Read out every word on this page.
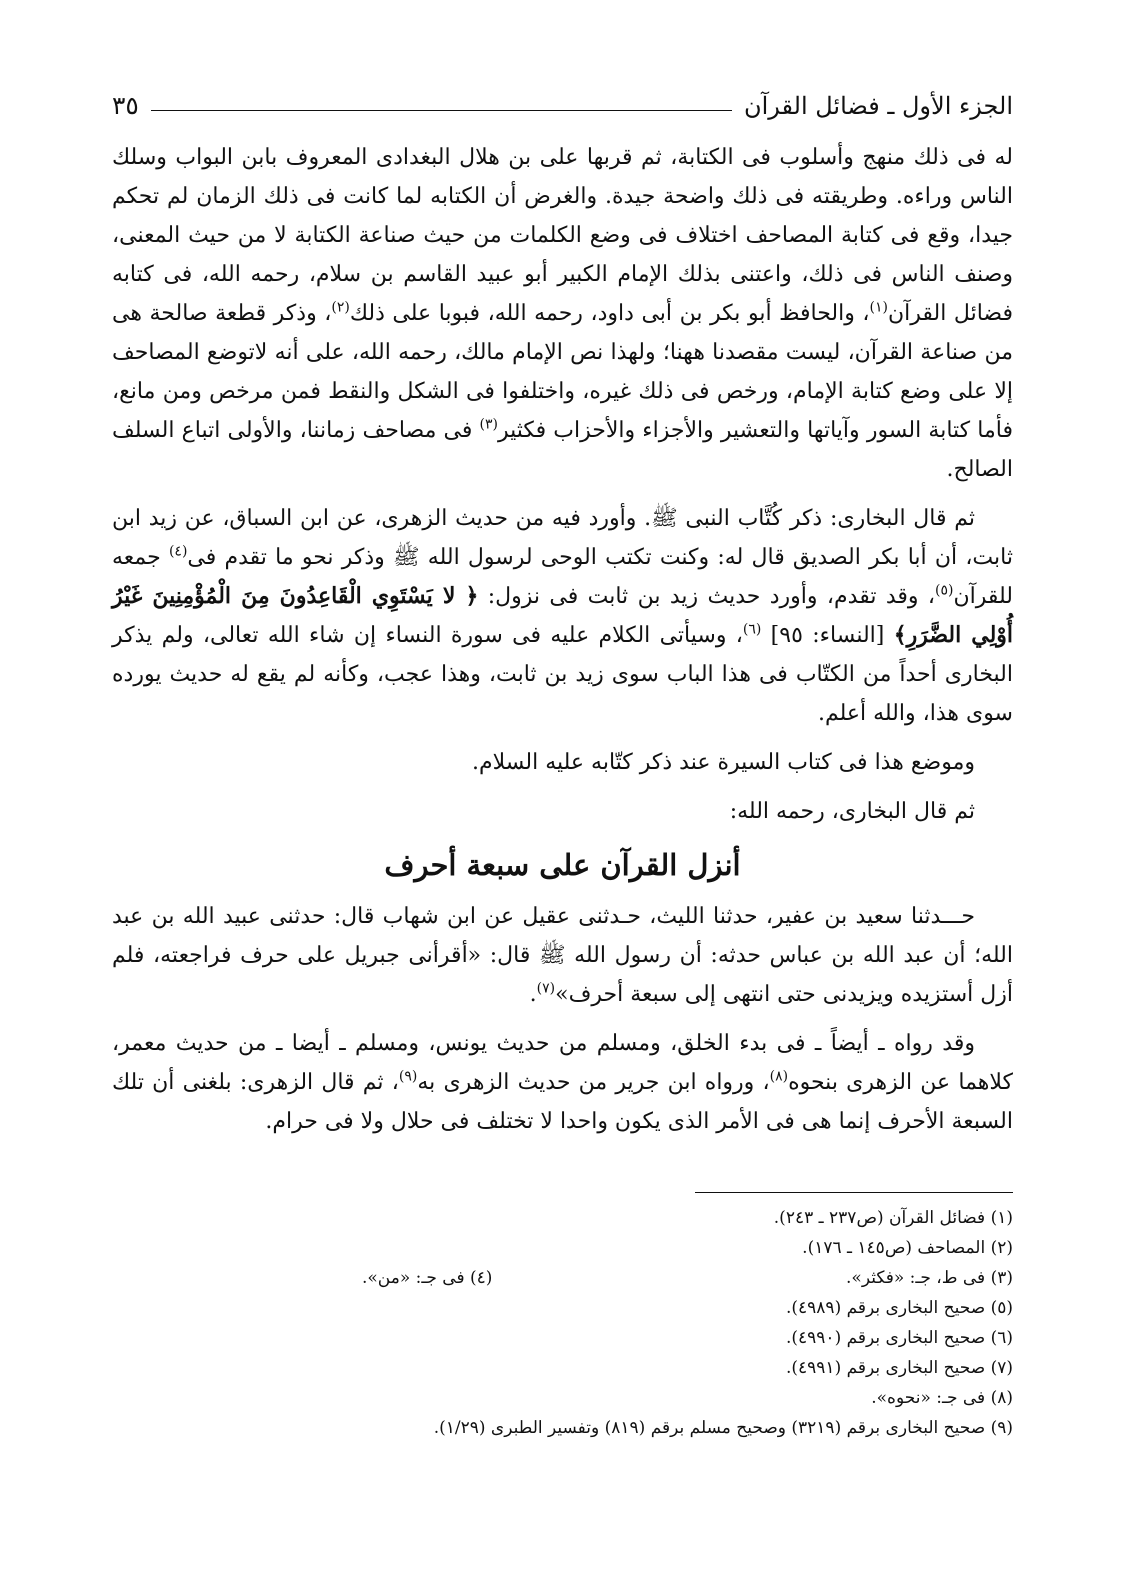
الجزء الأول ـ فضائل القرآن
٣٥

له فى ذلك منهج وأسلوب فى الكتابة، ثم قربها على بن هلال البغدادى المعروف بابن البواب وسلك الناس وراءه. وطريقته فى ذلك واضحة جيدة. والغرض أن الكتابه لما كانت فى ذلك الزمان لم تحكم جيدا، وقع فى كتابة المصاحف اختلاف فى وضع الكلمات من حيث صناعة الكتابة لا من حيث المعنى، وصنف الناس فى ذلك، واعتنى بذلك الإمام الكبير أبو عبيد القاسم بن سلام، رحمه الله، فى كتابه فضائل القرآن$^{(١)}$، والحافظ أبو بكر بن أبى داود، رحمه الله، فبوبا على ذلك$^{(٢)}$، وذكر قطعة صالحة هى من صناعة القرآن، ليست مقصدنا ههنا؛ ولهذا نص الإمام مالك، رحمه الله، على أنه لاتوضع المصاحف إلا على وضع كتابة الإمام، ورخص فى ذلك غيره، واختلفوا فى الشكل والنقط فمن مرخص ومن مانع، فأما كتابة السور وآياتها والتعشير والأجزاء والأحزاب فكثير$^{(٣)}$ فى مصاحف زماننا، والأولى اتباع السلف الصالح.

ثم قال البخارى: ذكر كُتَّاب النبى ﷺ. وأورد فيه من حديث الزهرى، عن ابن السباق، عن زيد ابن ثابت، أن أبا بكر الصديق قال له: وكنت تكتب الوحى لرسول الله ﷺ وذكر نحو ما تقدم فى$^{(٤)}$ جمعه للقرآن$^{(٥)}$، وقد تقدم، وأورد حديث زيد بن ثابت فى نزول: ﴿ لا يَسْتَوِي الْقَاعِدُونَ مِنَ الْمُؤْمِنِينَ غَيْرُ أُوْلِي الضَّرَرِ﴾ [النساء: ٩٥] $^{(٦)}$، وسيأتى الكلام عليه فى سورة النساء إن شاء الله تعالى، ولم يذكر البخارى أحداً من الكتّاب فى هذا الباب سوى زيد بن ثابت، وهذا عجب، وكأنه لم يقع له حديث يورده سوى هذا، والله أعلم.

وموضع هذا فى كتاب السيرة عند ذكر كتّابه عليه السلام.

ثم قال البخارى، رحمه الله:

أنزل القرآن على سبعة أحرف

حـــدثنا سعيد بن عفير، حدثنا الليث، حـدثنى عقيل عن ابن شهاب قال: حدثنى عبيد الله بن عبد الله؛ أن عبد الله بن عباس حدثه: أن رسول الله ﷺ قال: «أقرأنى جبريل على حرف فراجعته، فلم أزل أستزيده ويزيدنى حتى انتهى إلى سبعة أحرف»$^{(٧)}$.

وقد رواه ـ أيضاً ـ فى بدء الخلق، ومسلم من حديث يونس، ومسلم ـ أيضا ـ من حديث معمر، كلاهما عن الزهرى بنحوه$^{(٨)}$، ورواه ابن جرير من حديث الزهرى به$^{(٩)}$، ثم قال الزهرى: بلغنى أن تلك السبعة الأحرف إنما هى فى الأمر الذى يكون واحدا لا تختلف فى حلال ولا فى حرام.

(١) فضائل القرآن (ص٢٣٧ ـ ٢٤٣).
(٢) المصاحف (ص١٤٥ ـ ١٧٦).
(٣) فى ط، جـ: «فكثر».
(٤) فى جـ: «من».
(٥) صحيح البخارى برقم (٤٩٨٩).
(٦) صحيح البخارى برقم (٤٩٩٠).
(٧) صحيح البخارى برقم (٤٩٩١).
(٨) فى جـ: «نحوه».
(٩) صحيح البخارى برقم (٣٢١٩) وصحيح مسلم برقم (٨١٩) وتفسير الطبرى (١/٢٩).
